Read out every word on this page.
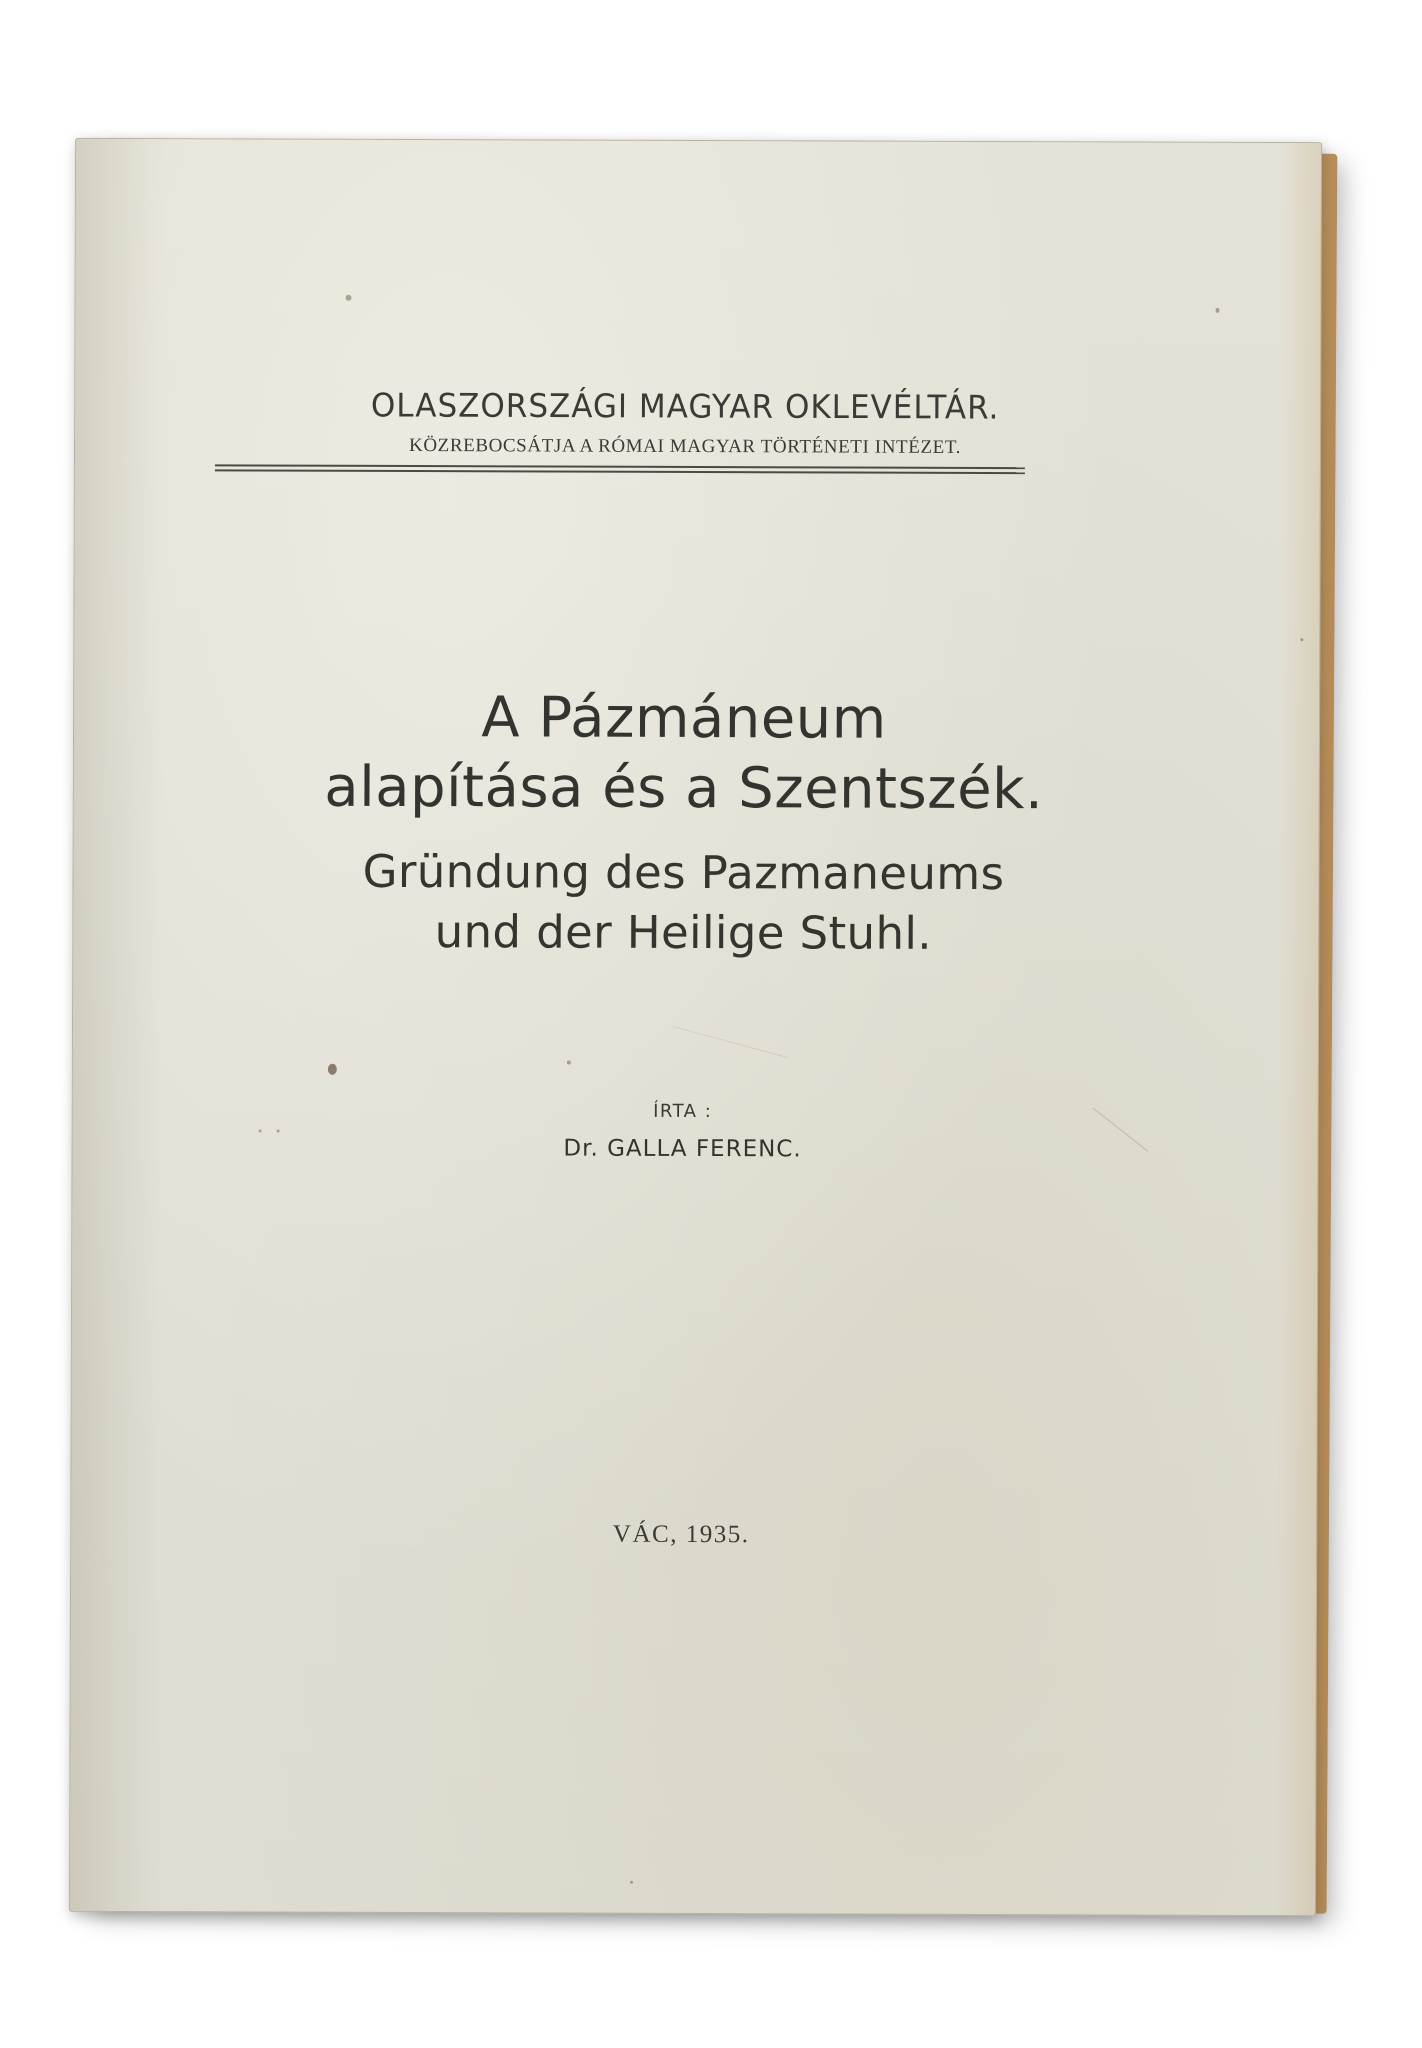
OLASZORSZÁGI MAGYAR OKLEVÉLTÁR.
KÖZREBOCSÁTJA A RÓMAI MAGYAR TÖRTÉNETI INTÉZET.
A Pázmáneum
alapítása és a Szentszék.
Gründung des Pazmaneums
und der Heilige Stuhl.
ÍRTA :
Dr. GALLA FERENC.
VÁC, 1935.
